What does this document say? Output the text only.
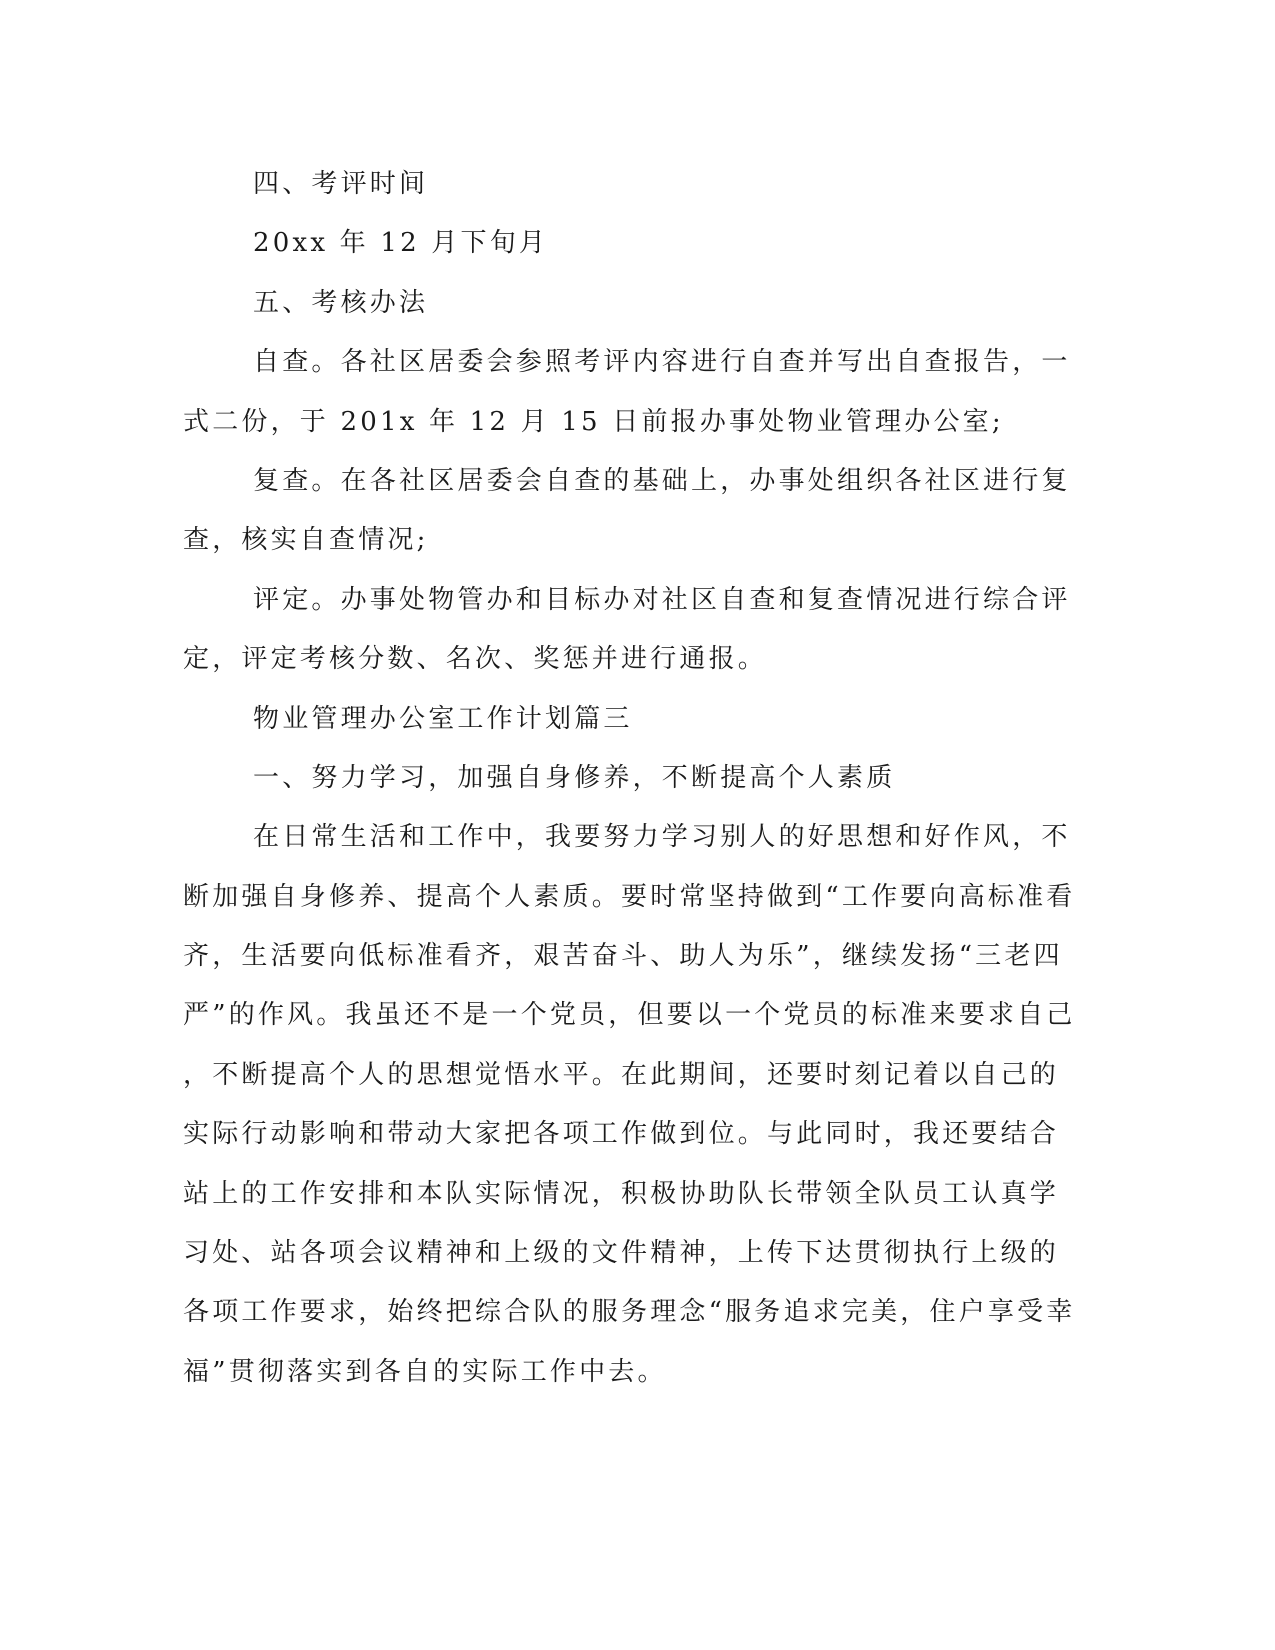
四、考评时间
20xx 年 12 月下旬月
五、考核办法
自查。各社区居委会参照考评内容进行自查并写出自查报告，一
式二份，于 201x 年 12 月 15 日前报办事处物业管理办公室;
复查。在各社区居委会自查的基础上，办事处组织各社区进行复
查，核实自查情况;
评定。办事处物管办和目标办对社区自查和复查情况进行综合评
定，评定考核分数、名次、奖惩并进行通报。
物业管理办公室工作计划篇三
一、努力学习，加强自身修养，不断提高个人素质
在日常生活和工作中，我要努力学习别人的好思想和好作风，不
断加强自身修养、提高个人素质。要时常坚持做到“工作要向高标准看
齐，生活要向低标准看齐，艰苦奋斗、助人为乐”，继续发扬“三老四
严”的作风。我虽还不是一个党员，但要以一个党员的标准来要求自己
，不断提高个人的思想觉悟水平。在此期间，还要时刻记着以自己的
实际行动影响和带动大家把各项工作做到位。与此同时，我还要结合
站上的工作安排和本队实际情况，积极协助队长带领全队员工认真学
习处、站各项会议精神和上级的文件精神，上传下达贯彻执行上级的
各项工作要求，始终把综合队的服务理念“服务追求完美，住户享受幸
福”贯彻落实到各自的实际工作中去。
